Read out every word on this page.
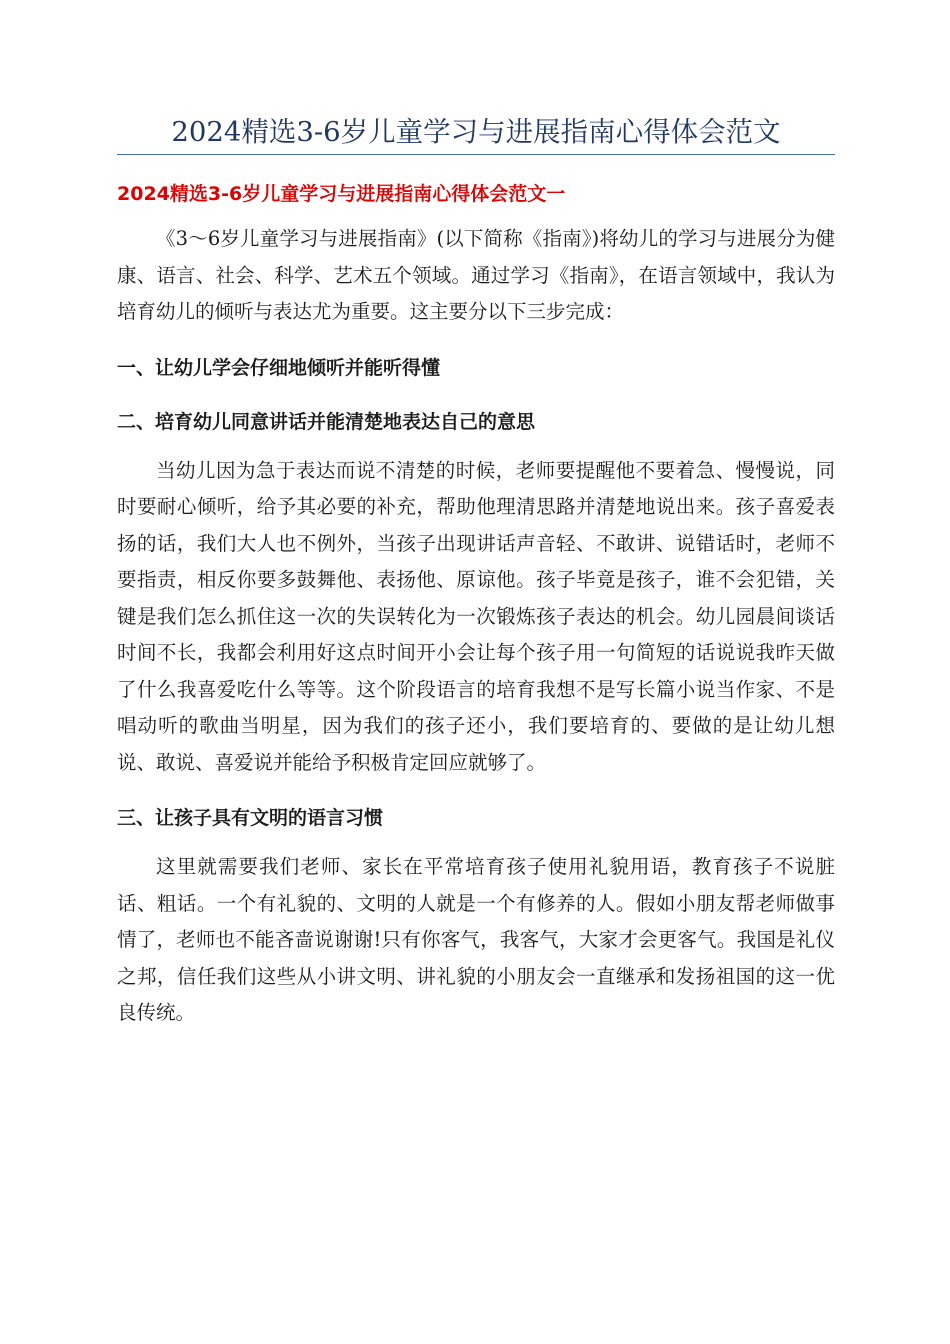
2024精选3-6岁儿童学习与进展指南心得体会范文
2024精选3-6岁儿童学习与进展指南心得体会范文一

《3～6岁儿童学习与进展指南》(以下简称《指南》)将幼儿的学习与进展分为健康、语言、社会、科学、艺术五个领域。通过学习《指南》，在语言领域中，我认为培育幼儿的倾听与表达尤为重要。这主要分以下三步完成：

一、让幼儿学会仔细地倾听并能听得懂
二、培育幼儿同意讲话并能清楚地表达自己的意思

当幼儿因为急于表达而说不清楚的时候，老师要提醒他不要着急、慢慢说，同时要耐心倾听，给予其必要的补充，帮助他理清思路并清楚地说出来。孩子喜爱表扬的话，我们大人也不例外，当孩子出现讲话声音轻、不敢讲、说错话时，老师不要指责，相反你要多鼓舞他、表扬他、原谅他。孩子毕竟是孩子，谁不会犯错，关键是我们怎么抓住这一次的失误转化为一次锻炼孩子表达的机会。幼儿园晨间谈话时间不长，我都会利用好这点时间开小会让每个孩子用一句简短的话说说我昨天做了什么我喜爱吃什么等等。这个阶段语言的培育我想不是写长篇小说当作家、不是唱动听的歌曲当明星，因为我们的孩子还小，我们要培育的、要做的是让幼儿想说、敢说、喜爱说并能给予积极肯定回应就够了。

三、让孩子具有文明的语言习惯

这里就需要我们老师、家长在平常培育孩子使用礼貌用语，教育孩子不说脏话、粗话。一个有礼貌的、文明的人就是一个有修养的人。假如小朋友帮老师做事情了，老师也不能吝啬说谢谢!只有你客气，我客气，大家才会更客气。我国是礼仪之邦，信任我们这些从小讲文明、讲礼貌的小朋友会一直继承和发扬祖国的这一优良传统。
